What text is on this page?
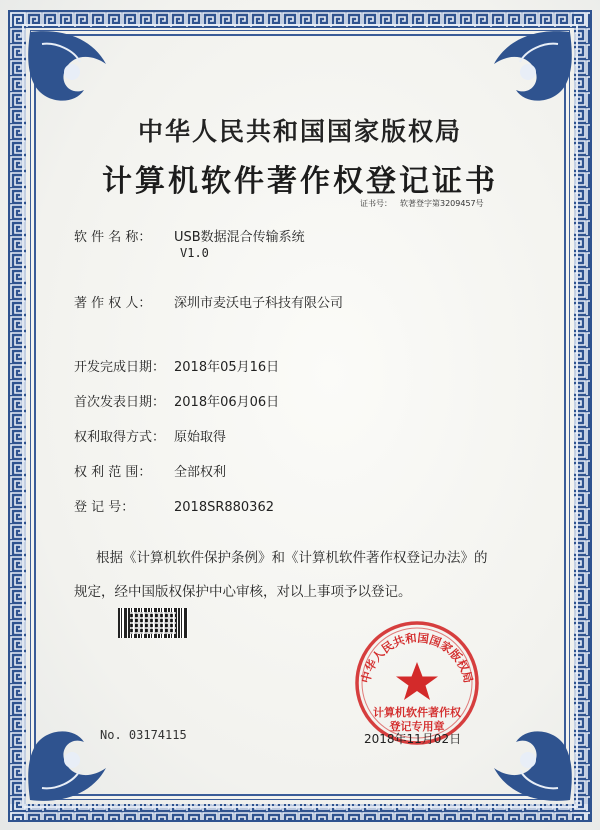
中华人民共和国国家版权局
计算机软件著作权登记证书
证书号： 软著登字第3209457号
软 件 名 称： USB数据混合传输系统
V1.0
著 作 权 人： 深圳市麦沃电子科技有限公司
开发完成日期： 2018年05月16日
首次发表日期： 2018年06月06日
权利取得方式： 原始取得
权 利 范 围： 全部权利
登 记 号：	2018SR880362
根据《计算机软件保护条例》和《计算机软件著作权登记办法》的
规定，经中国版权保护中心审核，对以上事项予以登记。
中华人民共和国国家版权局
计算机软件著作权
登记专用章
No. 03174115	2018年11月02日
